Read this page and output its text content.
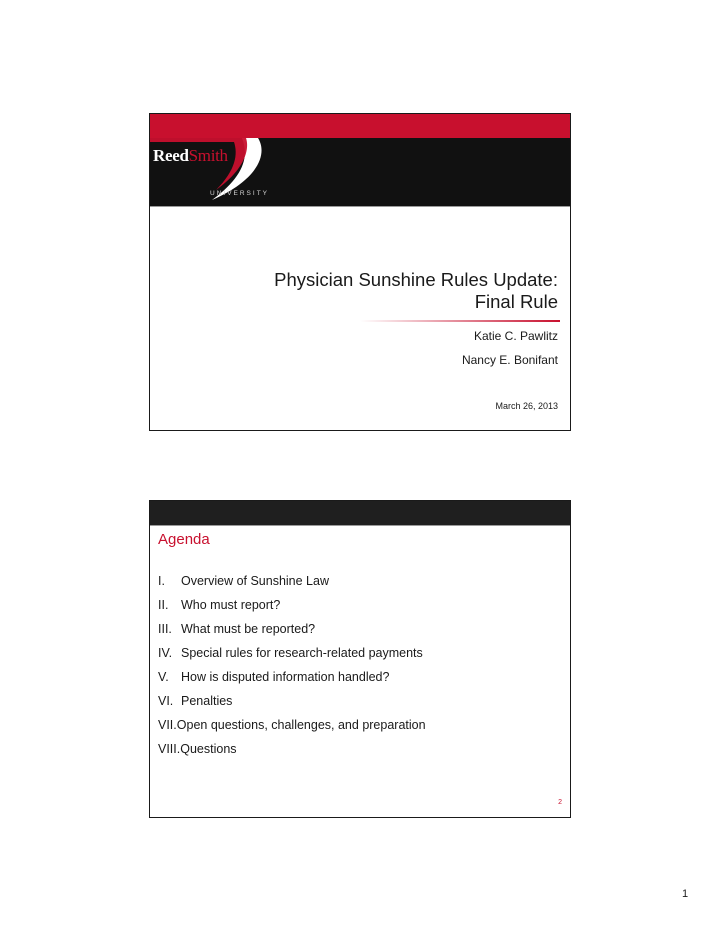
ReedSmith
UNIVERSITY
Physician Sunshine Rules Update:
Final Rule
Katie C. Pawlitz
Nancy E. Bonifant
March 26, 2013
Agenda
I. Overview of Sunshine Law
II. Who must report?
III. What must be reported?
IV. Special rules for research-related payments
V. How is disputed information handled?
VI. Penalties
VII.Open questions, challenges, and preparation
VIII.Questions
2
1
